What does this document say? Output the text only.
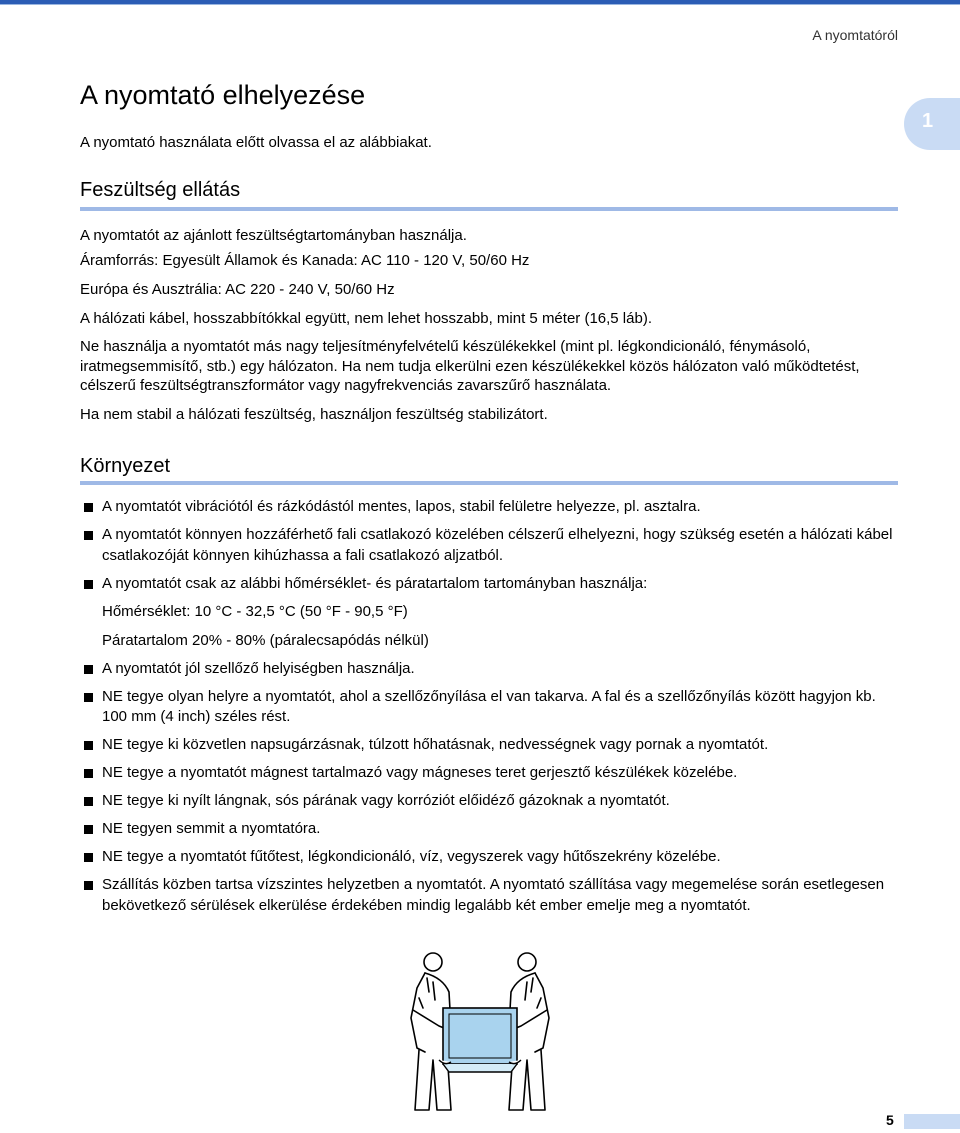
A nyomtatóról
1
A nyomtató elhelyezése

A nyomtató használata előtt olvassa el az alábbiakat.

Feszültség ellátás

A nyomtatót az ajánlott feszültségtartományban használja.

Áramforrás: Egyesült Államok és Kanada: AC 110 - 120 V, 50/60 Hz

Európa és Ausztrália: AC 220 - 240 V, 50/60 Hz

A hálózati kábel, hosszabbítókkal együtt, nem lehet hosszabb, mint 5 méter (16,5 láb).

Ne használja a nyomtatót más nagy teljesítményfelvételű készülékekkel (mint pl. légkondicionáló, fénymásoló, iratmegsemmisítő, stb.) egy hálózaton. Ha nem tudja elkerülni ezen készülékekkel közös hálózaton való működtetést, célszerű feszültségtranszformátor vagy nagyfrekvenciás zavarszűrő használata.

Ha nem stabil a hálózati feszültség, használjon feszültség stabilizátort.

Környezet
A nyomtatót vibrációtól és rázkódástól mentes, lapos, stabil felületre helyezze, pl. asztalra.
A nyomtatót könnyen hozzáférhető fali csatlakozó közelében célszerű elhelyezni, hogy szükség esetén a hálózati kábel csatlakozóját könnyen kihúzhassa a fali csatlakozó aljzatból.
A nyomtatót csak az alábbi hőmérséklet- és páratartalom tartományban használja:
Hőmérséklet: 10 °C - 32,5 °C (50 °F - 90,5 °F)
Páratartalom 20% - 80% (páralecsapódás nélkül)
A nyomtatót jól szellőző helyiségben használja.
NE tegye olyan helyre a nyomtatót, ahol a szellőzőnyílása el van takarva. A fal és a szellőzőnyílás között hagyjon kb. 100 mm (4 inch) széles rést.
NE tegye ki közvetlen napsugárzásnak, túlzott hőhatásnak, nedvességnek vagy pornak a nyomtatót.
NE tegye a nyomtatót mágnest tartalmazó vagy mágneses teret gerjesztő készülékek közelébe.
NE tegye ki nyílt lángnak, sós párának vagy korrózió​t előidéző gázoknak a nyomtatót.
NE tegyen semmit a nyomtatóra.
NE tegye a nyomtatót fűtőtest, légkondicionáló, víz, vegyszerek vagy hűtőszekrény közelébe.
Szállítás közben tartsa vízszintes helyzetben a nyomtatót. A nyomtató szállítása vagy megemelése során esetlegesen bekövetkező sérülések elkerülése érdekében mindig legalább két ember emelje meg a nyomtatót.
5
